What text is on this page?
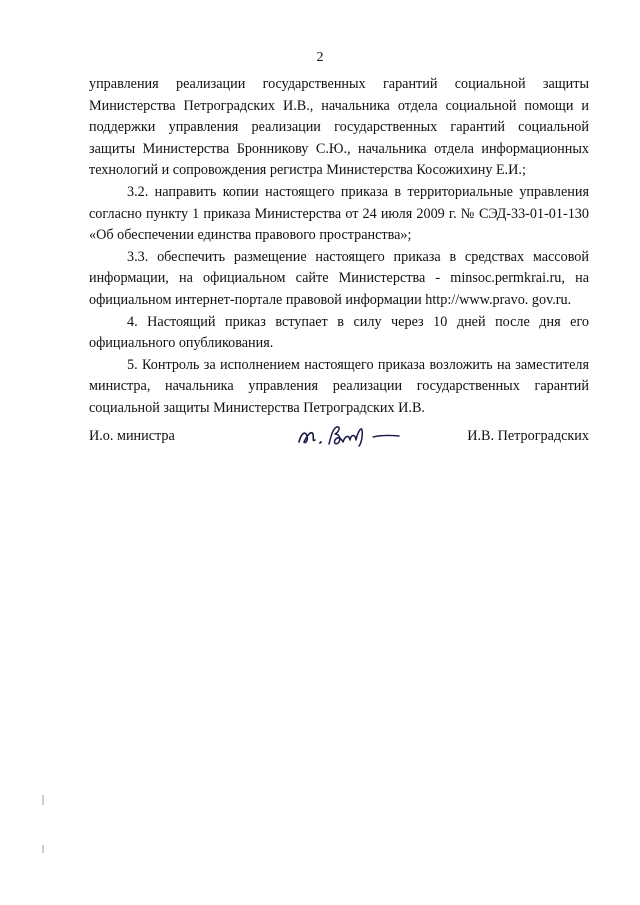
2

управления реализации государственных гарантий социальной защиты Министерства Петроградских И.В., начальника отдела социальной помощи и поддержки управления реализации государственных гарантий социальной защиты Министерства Бронникову С.Ю., начальника отдела информационных технологий и сопровождения регистра Министерства Косожихину Е.И.;

3.2. направить копии настоящего приказа в территориальные управления согласно пункту 1 приказа Министерства от 24 июля 2009 г. № СЭД-33-01-01-130 «Об обеспечении единства правового пространства»;

3.3. обеспечить размещение настоящего приказа в средствах массовой информации, на официальном сайте Министерства - minsoc.permkrai.ru, на официальном интернет-портале правовой информации http://www.pravo. gov.ru.

4. Настоящий приказ вступает в силу через 10 дней после дня его официального опубликования.

5. Контроль за исполнением настоящего приказа возложить на заместителя министра, начальника управления реализации государственных гарантий социальной защиты Министерства Петроградских И.В.

И.о. министра	И.В. Петроградских
